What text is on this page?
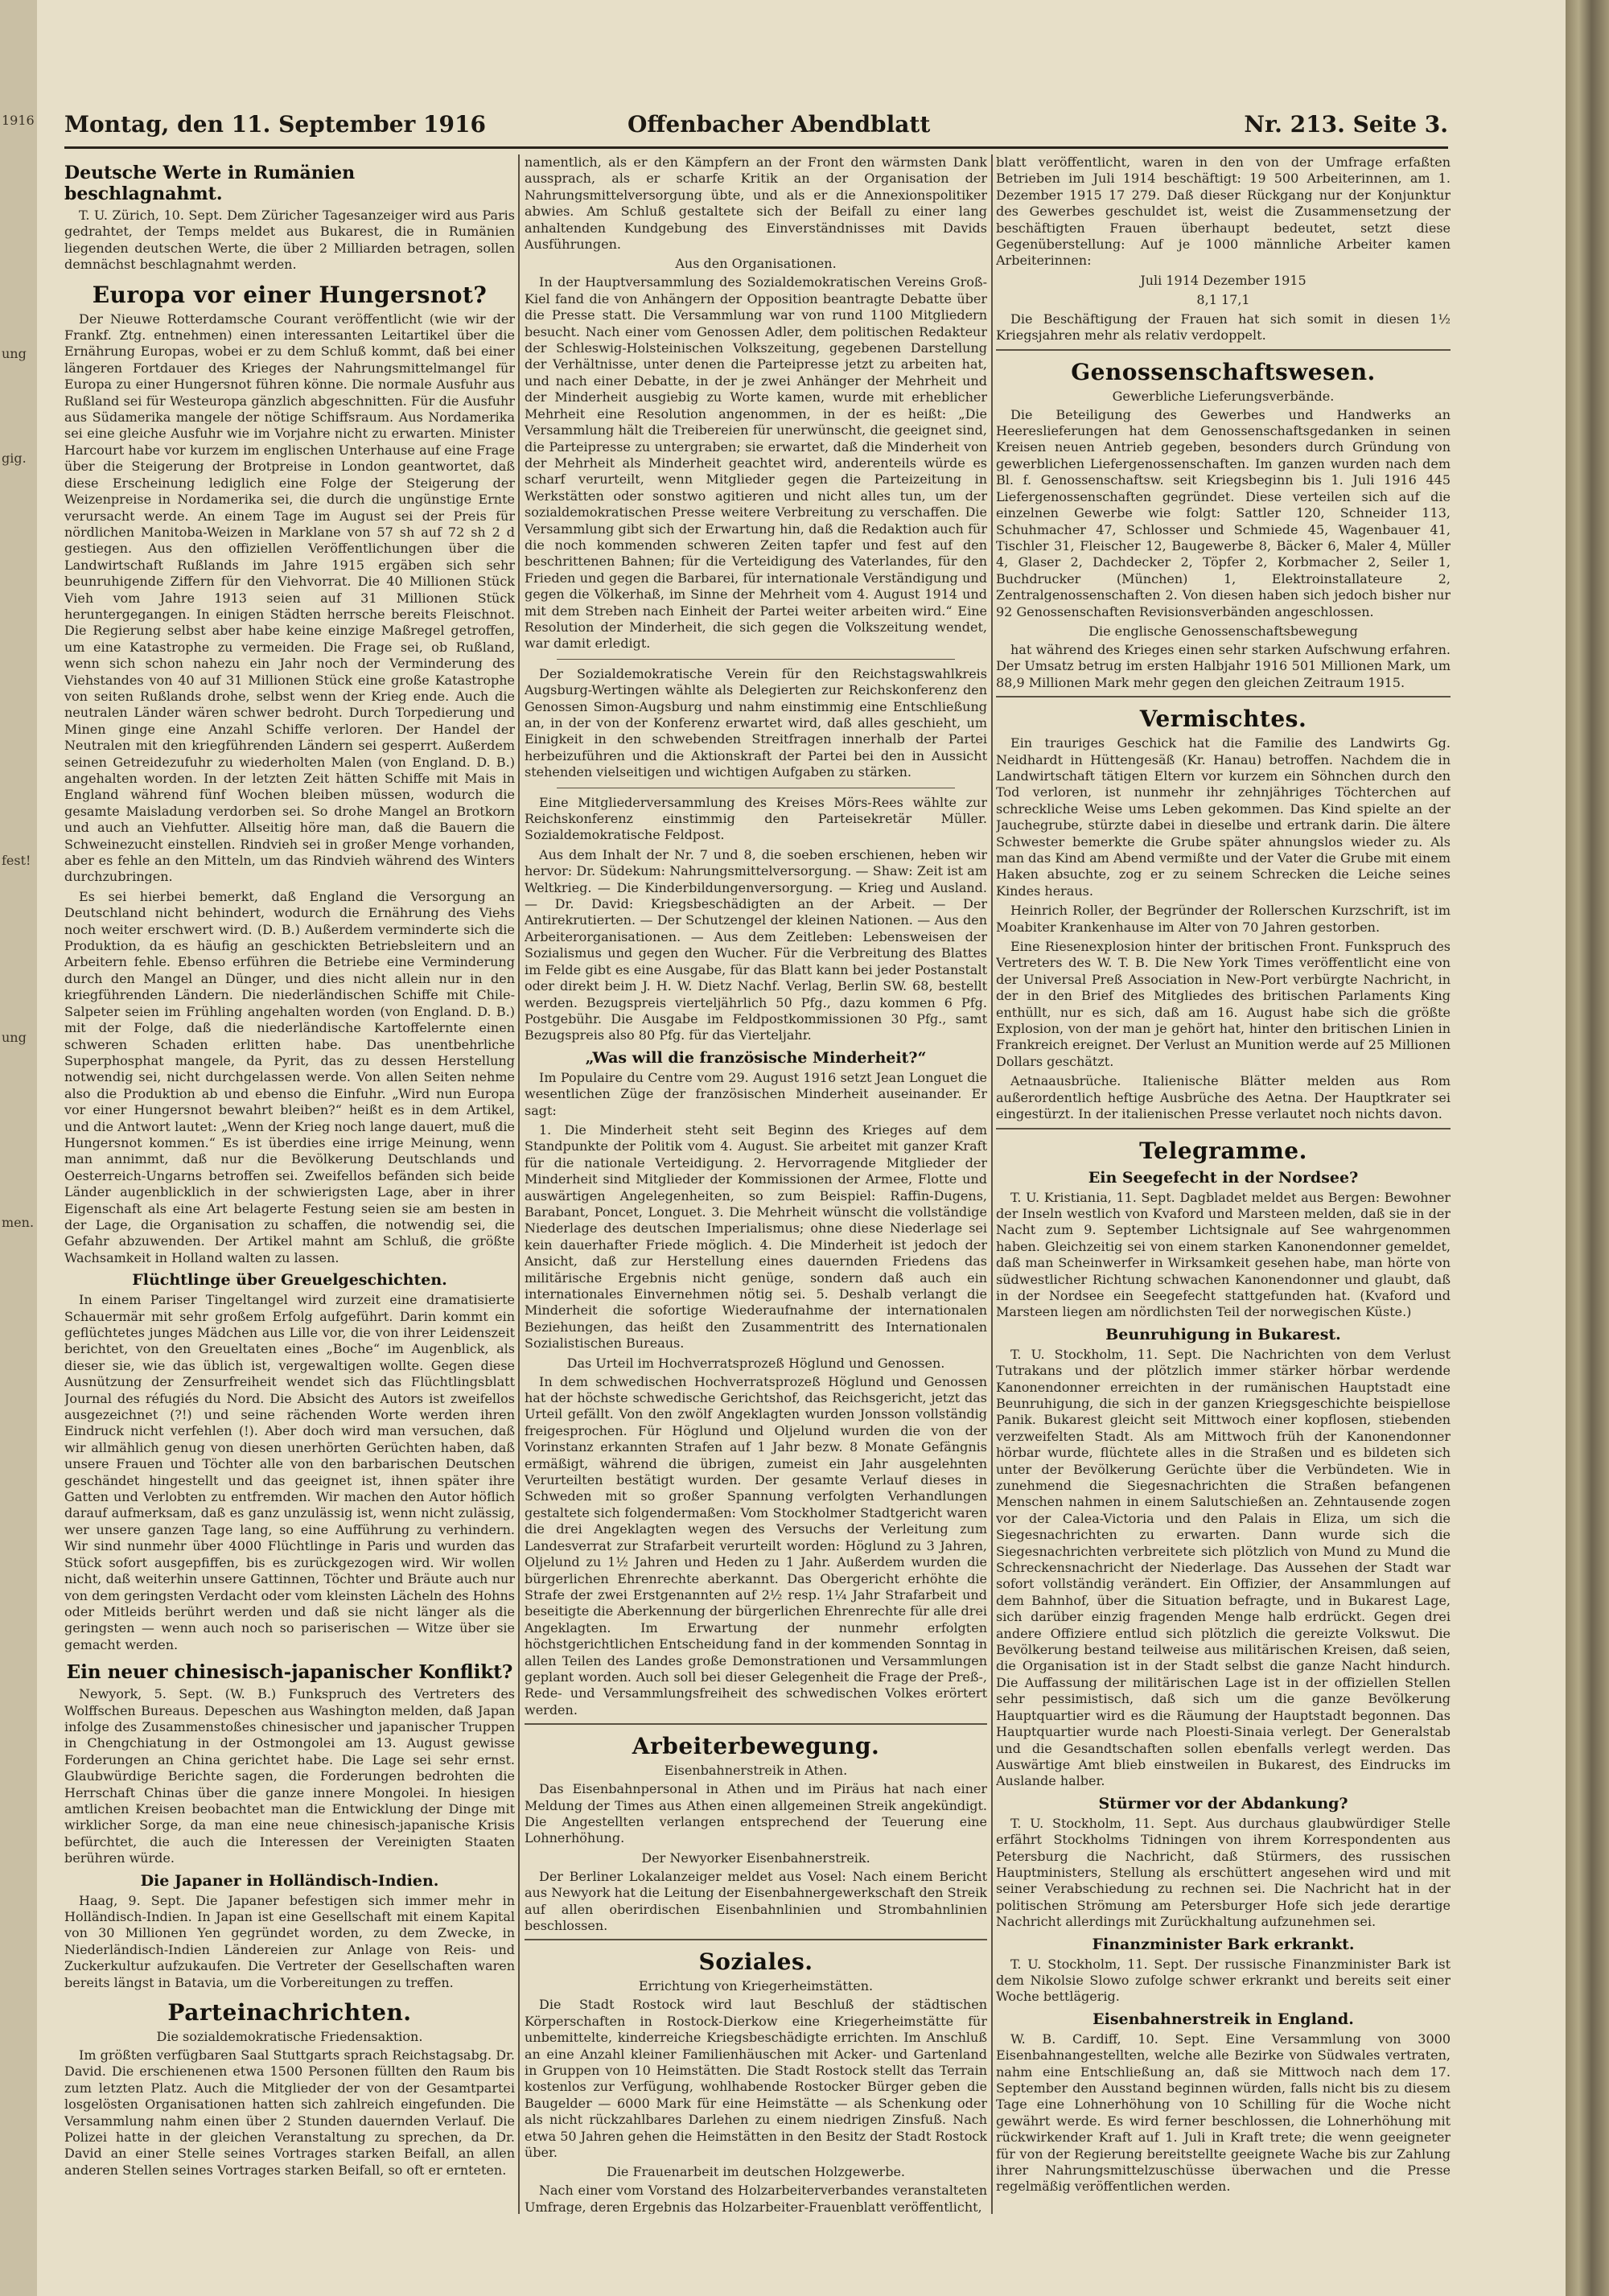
1916
ung
gig.
fest!
ung
men.
Montag, den 11. September 1916	Offenbacher Abendblatt	Nr. 213. Seite 3.
Deutsche Werte in Rumänien beschlagnahmt.

T. U. Zürich, 10. Sept. Dem Züricher Tagesanzeiger wird aus Paris gedrahtet, der Temps meldet aus Bukarest, die in Rumänien liegenden deutschen Werte, die über 2 Milliarden betragen, sollen demnächst beschlagnahmt werden.

Europa vor einer Hungersnot?

Der Nieuwe Rotterdamsche Courant veröffentlicht (wie wir der Frankf. Ztg. entnehmen) einen interessanten Leitartikel über die Ernährung Europas, wobei er zu dem Schluß kommt, daß bei einer längeren Fortdauer des Krieges der Nahrungsmittelmangel für Europa zu einer Hungersnot führen könne. Die normale Ausfuhr aus Rußland sei für Westeuropa gänzlich abgeschnitten. Für die Ausfuhr aus Südamerika mangele der nötige Schiffsraum. Aus Nordamerika sei eine gleiche Ausfuhr wie im Vorjahre nicht zu erwarten. Minister Harcourt habe vor kurzem im englischen Unterhause auf eine Frage über die Steigerung der Brotpreise in London geantwortet, daß diese Erscheinung lediglich eine Folge der Steigerung der Weizenpreise in Nordamerika sei, die durch die ungünstige Ernte verursacht werde. An einem Tage im August sei der Preis für nördlichen Manitoba-Weizen in Marklane von 57 sh auf 72 sh 2 d gestiegen. Aus den offiziellen Veröffentlichungen über die Landwirtschaft Rußlands im Jahre 1915 ergäben sich sehr beunruhigende Ziffern für den Viehvorrat. Die 40 Millionen Stück Vieh vom Jahre 1913 seien auf 31 Millionen Stück heruntergegangen. In einigen Städten herrsche bereits Fleischnot. Die Regierung selbst aber habe keine einzige Maßregel getroffen, um eine Katastrophe zu vermeiden. Die Frage sei, ob Rußland, wenn sich schon nahezu ein Jahr noch der Verminderung des Viehstandes von 40 auf 31 Millionen Stück eine große Katastrophe von seiten Rußlands drohe, selbst wenn der Krieg ende. Auch die neutralen Länder wären schwer bedroht. Durch Torpedierung und Minen ginge eine Anzahl Schiffe verloren. Der Handel der Neutralen mit den kriegführenden Ländern sei gesperrt. Außerdem seinen Getreidezufuhr zu wiederholten Malen (von England. D. B.) angehalten worden. In der letzten Zeit hätten Schiffe mit Mais in England während fünf Wochen bleiben müssen, wodurch die gesamte Maisladung verdorben sei. So drohe Mangel an Brotkorn und auch an Viehfutter. Allseitig höre man, daß die Bauern die Schweinezucht einstellen. Rindvieh sei in großer Menge vorhanden, aber es fehle an den Mitteln, um das Rindvieh während des Winters durchzubringen.

Es sei hierbei bemerkt, daß England die Versorgung an Deutschland nicht behindert, wodurch die Ernährung des Viehs noch weiter erschwert wird. (D. B.) Außerdem verminderte sich die Produktion, da es häufig an geschickten Betriebsleitern und an Arbeitern fehle. Ebenso erführen die Betriebe eine Verminderung durch den Mangel an Dünger, und dies nicht allein nur in den kriegführenden Ländern. Die niederländischen Schiffe mit Chile-Salpeter seien im Frühling angehalten worden (von England. D. B.) mit der Folge, daß die niederländische Kartoffelernte einen schweren Schaden erlitten habe. Das unentbehrliche Superphosphat mangele, da Pyrit, das zu dessen Herstellung notwendig sei, nicht durchgelassen werde. Von allen Seiten nehme also die Produktion ab und ebenso die Einfuhr. „Wird nun Europa vor einer Hungersnot bewahrt bleiben?“ heißt es in dem Artikel, und die Antwort lautet: „Wenn der Krieg noch lange dauert, muß die Hungersnot kommen.“ Es ist überdies eine irrige Meinung, wenn man annimmt, daß nur die Bevölkerung Deutschlands und Oesterreich-Ungarns betroffen sei. Zweifellos befänden sich beide Länder augenblicklich in der schwierigsten Lage, aber in ihrer Eigenschaft als eine Art belagerte Festung seien sie am besten in der Lage, die Organisation zu schaffen, die notwendig sei, die Gefahr abzuwenden. Der Artikel mahnt am Schluß, die größte Wachsamkeit in Holland walten zu lassen.

Flüchtlinge über Greuelgeschichten.

In einem Pariser Tingeltangel wird zurzeit eine dramatisierte Schauermär mit sehr großem Erfolg aufgeführt. Darin kommt ein geflüchtetes junges Mädchen aus Lille vor, die von ihrer Leidenszeit berichtet, von den Greueltaten eines „Boche“ im Augenblick, als dieser sie, wie das üblich ist, vergewaltigen wollte. Gegen diese Ausnützung der Zensurfreiheit wendet sich das Flüchtlingsblatt Journal des réfugiés du Nord. Die Absicht des Autors ist zweifellos ausgezeichnet (?!) und seine rächenden Worte werden ihren Eindruck nicht verfehlen (!). Aber doch wird man versuchen, daß wir allmählich genug von diesen unerhörten Gerüchten haben, daß unsere Frauen und Töchter alle von den barbarischen Deutschen geschändet hingestellt und das geeignet ist, ihnen später ihre Gatten und Verlobten zu entfremden. Wir machen den Autor höflich darauf aufmerksam, daß es ganz unzulässig ist, wenn nicht zulässig, wer unsere ganzen Tage lang, so eine Aufführung zu verhindern. Wir sind nunmehr über 4000 Flüchtlinge in Paris und wurden das Stück sofort ausgepfiffen, bis es zurückgezogen wird. Wir wollen nicht, daß weiterhin unsere Gattinnen, Töchter und Bräute auch nur von dem geringsten Verdacht oder vom kleinsten Lächeln des Hohns oder Mitleids berührt werden und daß sie nicht länger als die geringsten — wenn auch noch so pariserischen — Witze über sie gemacht werden.

Ein neuer chinesisch-japanischer Konflikt?

Newyork, 5. Sept. (W. B.) Funkspruch des Vertreters des Wolffschen Bureaus. Depeschen aus Washington melden, daß Japan infolge des Zusammenstoßes chinesischer und japanischer Truppen in Chengchiatung in der Ostmongolei am 13. August gewisse Forderungen an China gerichtet habe. Die Lage sei sehr ernst. Glaubwürdige Berichte sagen, die Forderungen bedrohten die Herrschaft Chinas über die ganze innere Mongolei. In hiesigen amtlichen Kreisen beobachtet man die Entwicklung der Dinge mit wirklicher Sorge, da man eine neue chinesisch-japanische Krisis befürchtet, die auch die Interessen der Vereinigten Staaten berühren würde.

Die Japaner in Holländisch-Indien.

Haag, 9. Sept. Die Japaner befestigen sich immer mehr in Holländisch-Indien. In Japan ist eine Gesellschaft mit einem Kapital von 30 Millionen Yen gegründet worden, zu dem Zwecke, in Niederländisch-Indien Ländereien zur Anlage von Reis- und Zuckerkultur aufzukaufen. Die Vertreter der Gesellschaften waren bereits längst in Batavia, um die Vorbereitungen zu treffen.

Parteinachrichten.
Die sozialdemokratische Friedensaktion.

Im größten verfügbaren Saal Stuttgarts sprach Reichstagsabg. Dr. David. Die erschienenen etwa 1500 Personen füllten den Raum bis zum letzten Platz. Auch die Mitglieder der von der Gesamtpartei losgelösten Organisationen hatten sich zahlreich eingefunden. Die Versammlung nahm einen über 2 Stunden dauernden Verlauf. Die Polizei hatte in der gleichen Veranstaltung zu sprechen, da Dr. David an einer Stelle seines Vortrages starken Beifall, an allen anderen Stellen seines Vortrages starken Beifall, so oft er ernteten.

namentlich, als er den Kämpfern an der Front den wärmsten Dank aussprach, als er scharfe Kritik an der Organisation der Nahrungsmittelversorgung übte, und als er die Annexionspolitiker abwies. Am Schluß gestaltete sich der Beifall zu einer lang anhaltenden Kundgebung des Einverständnisses mit Davids Ausführungen.

Aus den Organisationen.

In der Hauptversammlung des Sozialdemokratischen Vereins Groß-Kiel fand die von Anhängern der Opposition beantragte Debatte über die Presse statt. Die Versammlung war von rund 1100 Mitgliedern besucht. Nach einer vom Genossen Adler, dem politischen Redakteur der Schleswig-Holsteinischen Volkszeitung, gegebenen Darstellung der Verhältnisse, unter denen die Parteipresse jetzt zu arbeiten hat, und nach einer Debatte, in der je zwei Anhänger der Mehrheit und der Minderheit ausgiebig zu Worte kamen, wurde mit erheblicher Mehrheit eine Resolution angenommen, in der es heißt: „Die Versammlung hält die Treibereien für unerwünscht, die geeignet sind, die Parteipresse zu untergraben; sie erwartet, daß die Minderheit von der Mehrheit als Minderheit geachtet wird, anderenteils würde es scharf verurteilt, wenn Mitglieder gegen die Parteizeitung in Werkstätten oder sonstwo agitieren und nicht alles tun, um der sozialdemokratischen Presse weitere Verbreitung zu verschaffen. Die Versammlung gibt sich der Erwartung hin, daß die Redaktion auch für die noch kommenden schweren Zeiten tapfer und fest auf den beschrittenen Bahnen; für die Verteidigung des Vaterlandes, für den Frieden und gegen die Barbarei, für internationale Verständigung und gegen die Völkerhaß, im Sinne der Mehrheit vom 4. August 1914 und mit dem Streben nach Einheit der Partei weiter arbeiten wird.“ Eine Resolution der Minderheit, die sich gegen die Volkszeitung wendet, war damit erledigt.

Der Sozialdemokratische Verein für den Reichstagswahlkreis Augsburg-Wertingen wählte als Delegierten zur Reichskonferenz den Genossen Simon-Augsburg und nahm einstimmig eine Entschließung an, in der von der Konferenz erwartet wird, daß alles geschieht, um Einigkeit in den schwebenden Streitfragen innerhalb der Partei herbeizuführen und die Aktionskraft der Partei bei den in Aussicht stehenden vielseitigen und wichtigen Aufgaben zu stärken.

Eine Mitgliederversammlung des Kreises Mörs-Rees wählte zur Reichskonferenz einstimmig den Parteisekretär Müller. Sozialdemokratische Feldpost.

Aus dem Inhalt der Nr. 7 und 8, die soeben erschienen, heben wir hervor: Dr. Südekum: Nahrungsmittelversorgung. — Shaw: Zeit ist am Weltkrieg. — Die Kinderbildungenversorgung. — Krieg und Ausland. — Dr. David: Kriegsbeschädigten an der Arbeit. — Der Antirekrutierten. — Der Schutzengel der kleinen Nationen. — Aus den Arbeiterorganisationen. — Aus dem Zeitleben: Lebensweisen der Sozialismus und gegen den Wucher. Für die Verbreitung des Blattes im Felde gibt es eine Ausgabe, für das Blatt kann bei jeder Postanstalt oder direkt beim J. H. W. Dietz Nachf. Verlag, Berlin SW. 68, bestellt werden. Bezugspreis vierteljährlich 50 Pfg., dazu kommen 6 Pfg. Postgebühr. Die Ausgabe im Feldpostkommissionen 30 Pfg., samt Bezugspreis also 80 Pfg. für das Vierteljahr.

„Was will die französische Minderheit?“

Im Populaire du Centre vom 29. August 1916 setzt Jean Longuet die wesentlichen Züge der französischen Minderheit auseinander. Er sagt:

1. Die Minderheit steht seit Beginn des Krieges auf dem Standpunkte der Politik vom 4. August. Sie arbeitet mit ganzer Kraft für die nationale Verteidigung. 2. Hervorragende Mitglieder der Minderheit sind Mitglieder der Kommissionen der Armee, Flotte und auswärtigen Angelegenheiten, so zum Beispiel: Raffin-Dugens, Barabant, Poncet, Longuet. 3. Die Mehrheit wünscht die vollständige Niederlage des deutschen Imperialismus; ohne diese Niederlage sei kein dauerhafter Friede möglich. 4. Die Minderheit ist jedoch der Ansicht, daß zur Herstellung eines dauernden Friedens das militärische Ergebnis nicht genüge, sondern daß auch ein internationales Einvernehmen nötig sei. 5. Deshalb verlangt die Minderheit die sofortige Wiederaufnahme der internationalen Beziehungen, das heißt den Zusammentritt des Internationalen Sozialistischen Bureaus.

Das Urteil im Hochverratsprozeß Höglund und Genossen.

In dem schwedischen Hochverratsprozeß Höglund und Genossen hat der höchste schwedische Gerichtshof, das Reichsgericht, jetzt das Urteil gefällt. Von den zwölf Angeklagten wurden Jonsson vollständig freigesprochen. Für Höglund und Oljelund wurden die von der Vorinstanz erkannten Strafen auf 1 Jahr bezw. 8 Monate Gefängnis ermäßigt, während die übrigen, zumeist ein Jahr ausgelehnten Verurteilten bestätigt wurden. Der gesamte Verlauf dieses in Schweden mit so großer Spannung verfolgten Verhandlungen gestaltete sich folgendermaßen: Vom Stockholmer Stadtgericht waren die drei Angeklagten wegen des Versuchs der Verleitung zum Landesverrat zur Strafarbeit verurteilt worden: Höglund zu 3 Jahren, Oljelund zu 1½ Jahren und Heden zu 1 Jahr. Außerdem wurden die bürgerlichen Ehrenrechte aberkannt. Das Obergericht erhöhte die Strafe der zwei Erstgenannten auf 2½ resp. 1¼ Jahr Strafarbeit und beseitigte die Aberkennung der bürgerlichen Ehrenrechte für alle drei Angeklagten. Im Erwartung der nunmehr erfolgten höchstgerichtlichen Entscheidung fand in der kommenden Sonntag in allen Teilen des Landes große Demonstrationen und Versammlungen geplant worden. Auch soll bei dieser Gelegenheit die Frage der Preß-, Rede- und Versammlungsfreiheit des schwedischen Volkes erörtert werden.

Arbeiterbewegung.
Eisenbahnerstreik in Athen.

Das Eisenbahnpersonal in Athen und im Piräus hat nach einer Meldung der Times aus Athen einen allgemeinen Streik angekündigt. Die Angestellten verlangen entsprechend der Teuerung eine Lohnerhöhung.

Der Newyorker Eisenbahnerstreik.

Der Berliner Lokalanzeiger meldet aus Vosel: Nach einem Bericht aus Newyork hat die Leitung der Eisenbahnergewerkschaft den Streik auf allen oberirdischen Eisenbahnlinien und Strombahnlinien beschlossen.

Soziales.
Errichtung von Kriegerheimstätten.

Die Stadt Rostock wird laut Beschluß der städtischen Körperschaften in Rostock-Dierkow eine Kriegerheimstätte für unbemittelte, kinderreiche Kriegsbeschädigte errichten. Im Anschluß an eine Anzahl kleiner Familienhäuschen mit Acker- und Gartenland in Gruppen von 10 Heimstätten. Die Stadt Rostock stellt das Terrain kostenlos zur Verfügung, wohlhabende Rostocker Bürger geben die Baugelder — 6000 Mark für eine Heimstätte — als Schenkung oder als nicht rückzahlbares Darlehen zu einem niedrigen Zinsfuß. Nach etwa 50 Jahren gehen die Heimstätten in den Besitz der Stadt Rostock über.

Die Frauenarbeit im deutschen Holzgewerbe.

Nach einer vom Vorstand des Holzarbeiterverbandes veranstalteten Umfrage, deren Ergebnis das Holzarbeiter-Frauenblatt veröffentlicht,

blatt veröffentlicht, waren in den von der Umfrage erfaßten Betrieben im Juli 1914 beschäftigt: 19 500 Arbeiterinnen, am 1. Dezember 1915 17 279. Daß dieser Rückgang nur der Konjunktur des Gewerbes geschuldet ist, weist die Zusammensetzung der beschäftigten Frauen überhaupt bedeutet, setzt diese Gegenüberstellung: Auf je 1000 männliche Arbeiter kamen Arbeiterinnen:

Juli 1914 Dezember 1915
8,1 17,1

Die Beschäftigung der Frauen hat sich somit in diesen 1½ Kriegsjahren mehr als relativ verdoppelt.

Genossenschaftswesen.
Gewerbliche Lieferungsverbände.

Die Beteiligung des Gewerbes und Handwerks an Heereslieferungen hat dem Genossenschaftsgedanken in seinen Kreisen neuen Antrieb gegeben, besonders durch Gründung von gewerblichen Liefergenossenschaften. Im ganzen wurden nach dem Bl. f. Genossenschaftsw. seit Kriegsbeginn bis 1. Juli 1916 445 Liefergenossenschaften gegründet. Diese verteilen sich auf die einzelnen Gewerbe wie folgt: Sattler 120, Schneider 113, Schuhmacher 47, Schlosser und Schmiede 45, Wagenbauer 41, Tischler 31, Fleischer 12, Baugewerbe 8, Bäcker 6, Maler 4, Müller 4, Glaser 2, Dachdecker 2, Töpfer 2, Korbmacher 2, Seiler 1, Buchdrucker (München) 1, Elektroinstallateure 2, Zentralgenossenschaften 2. Von diesen haben sich jedoch bisher nur 92 Genossenschaften Revisionsverbänden angeschlossen.

Die englische Genossenschaftsbewegung

hat während des Krieges einen sehr starken Aufschwung erfahren. Der Umsatz betrug im ersten Halbjahr 1916 501 Millionen Mark, um 88,9 Millionen Mark mehr gegen den gleichen Zeitraum 1915.

Vermischtes.

Ein trauriges Geschick hat die Familie des Landwirts Gg. Neidhardt in Hüttengesäß (Kr. Hanau) betroffen. Nachdem die in Landwirtschaft tätigen Eltern vor kurzem ein Söhnchen durch den Tod verloren, ist nunmehr ihr zehnjähriges Töchterchen auf schreckliche Weise ums Leben gekommen. Das Kind spielte an der Jauchegrube, stürzte dabei in dieselbe und ertrank darin. Die ältere Schwester bemerkte die Grube später ahnungslos wieder zu. Als man das Kind am Abend vermißte und der Vater die Grube mit einem Haken absuchte, zog er zu seinem Schrecken die Leiche seines Kindes heraus.

Heinrich Roller, der Begründer der Rollerschen Kurzschrift, ist im Moabiter Krankenhause im Alter von 70 Jahren gestorben.

Eine Riesenexplosion hinter der britischen Front. Funkspruch des Vertreters des W. T. B. Die New York Times veröffentlicht eine von der Universal Preß Association in New-Port verbürgte Nachricht, in der in den Brief des Mitgliedes des britischen Parlaments King enthüllt, nur es sich, daß am 16. August habe sich die größte Explosion, von der man je gehört hat, hinter den britischen Linien in Frankreich ereignet. Der Verlust an Munition werde auf 25 Millionen Dollars geschätzt.

Aetnaausbrüche. Italienische Blätter melden aus Rom außerordentlich heftige Ausbrüche des Aetna. Der Hauptkrater sei eingestürzt. In der italienischen Presse verlautet noch nichts davon.

Telegramme.
Ein Seegefecht in der Nordsee?

T. U. Kristiania, 11. Sept. Dagbladet meldet aus Bergen: Bewohner der Inseln westlich von Kvaford und Marsteen melden, daß sie in der Nacht zum 9. September Lichtsignale auf See wahrgenommen haben. Gleichzeitig sei von einem starken Kanonendonner gemeldet, daß man Scheinwerfer in Wirksamkeit gesehen habe, man hörte von südwestlicher Richtung schwachen Kanonendonner und glaubt, daß in der Nordsee ein Seegefecht stattgefunden hat. (Kvaford und Marsteen liegen am nördlichsten Teil der norwegischen Küste.)

Beunruhigung in Bukarest.

T. U. Stockholm, 11. Sept. Die Nachrichten von dem Verlust Tutrakans und der plötzlich immer stärker hörbar werdende Kanonendonner erreichten in der rumänischen Hauptstadt eine Beunruhigung, die sich in der ganzen Kriegsgeschichte beispiellose Panik. Bukarest gleicht seit Mittwoch einer kopflosen, stiebenden verzweifelten Stadt. Als am Mittwoch früh der Kanonendonner hörbar wurde, flüchtete alles in die Straßen und es bildeten sich unter der Bevölkerung Gerüchte über die Verbündeten. Wie in zunehmend die Siegesnachrichten die Straßen befangenen Menschen nahmen in einem Salutschießen an. Zehntausende zogen vor der Calea-Victoria und den Palais in Eliza, um sich die Siegesnachrichten zu erwarten. Dann wurde sich die Siegesnachrichten verbreitete sich plötzlich von Mund zu Mund die Schreckensnachricht der Niederlage. Das Aussehen der Stadt war sofort vollständig verändert. Ein Offizier, der Ansammlungen auf dem Bahnhof, über die Situation befragte, und in Bukarest Lage, sich darüber einzig fragenden Menge halb erdrückt. Gegen drei andere Offiziere entlud sich plötzlich die gereizte Volkswut. Die Bevölkerung bestand teilweise aus militärischen Kreisen, daß seien, die Organisation ist in der Stadt selbst die ganze Nacht hindurch. Die Auffassung der militärischen Lage ist in der offiziellen Stellen sehr pessimistisch, daß sich um die ganze Bevölkerung Hauptquartier wird es die Räumung der Hauptstadt begonnen. Das Hauptquartier wurde nach Ploesti-Sinaia verlegt. Der Generalstab und die Gesandtschaften sollen ebenfalls verlegt werden. Das Auswärtige Amt blieb einstweilen in Bukarest, des Eindrucks im Auslande halber.

Stürmer vor der Abdankung?

T. U. Stockholm, 11. Sept. Aus durchaus glaubwürdiger Stelle erfährt Stockholms Tidningen von ihrem Korrespondenten aus Petersburg die Nachricht, daß Stürmers, des russischen Hauptministers, Stellung als erschüttert angesehen wird und mit seiner Verabschiedung zu rechnen sei. Die Nachricht hat in der politischen Strömung am Petersburger Hofe sich jede derartige Nachricht allerdings mit Zurückhaltung aufzunehmen sei.

Finanzminister Bark erkrankt.

T. U. Stockholm, 11. Sept. Der russische Finanzminister Bark ist dem Nikolsie Slowo zufolge schwer erkrankt und bereits seit einer Woche bettlägerig.

Eisenbahnerstreik in England.

W. B. Cardiff, 10. Sept. Eine Versammlung von 3000 Eisenbahnangestellten, welche alle Bezirke von Südwales vertraten, nahm eine Entschließung an, daß sie Mittwoch nach dem 17. September den Ausstand beginnen würden, falls nicht bis zu diesem Tage eine Lohnerhöhung von 10 Schilling für die Woche nicht gewährt werde. Es wird ferner beschlossen, die Lohnerhöhung mit rückwirkender Kraft auf 1. Juli in Kraft trete; die wenn geeigneter für von der Regierung bereitstellte geeignete Wache bis zur Zahlung ihrer Nahrungsmittelzuschüsse überwachen und die Presse regelmäßig veröffentlichen werden.
